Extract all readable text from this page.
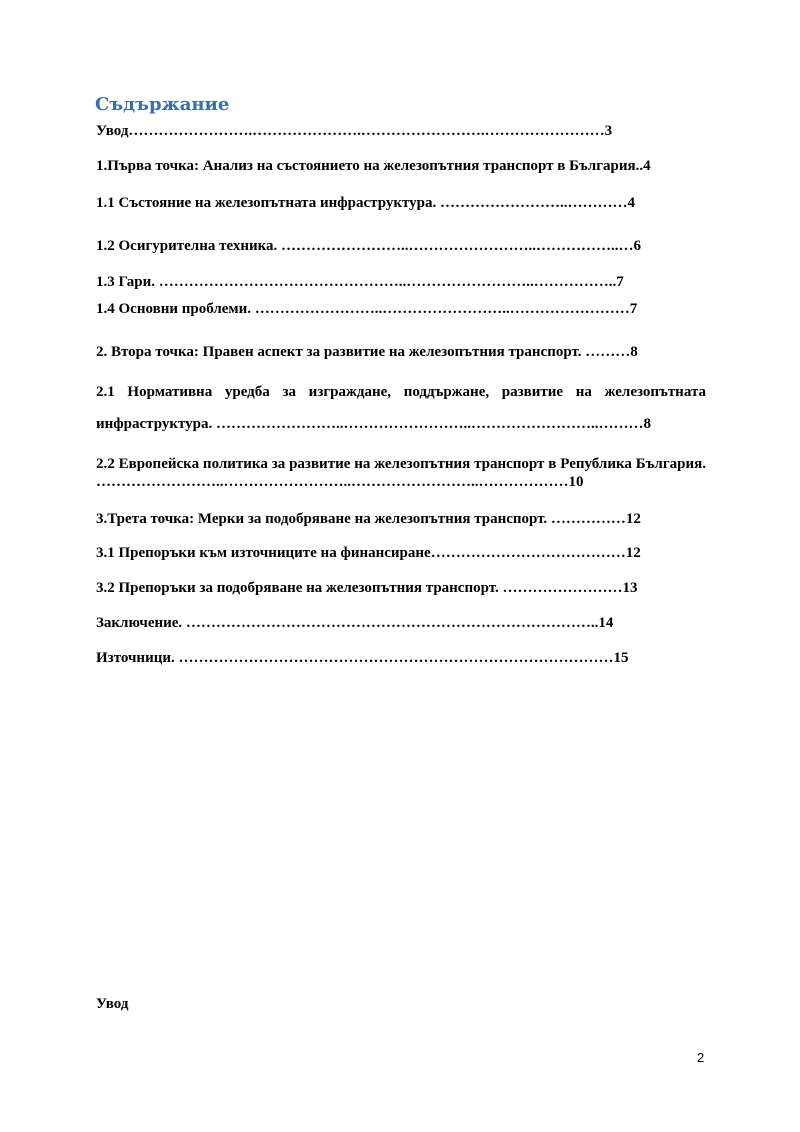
Съдържание

Увод…………………….………………….…………………….……………………3

1.Първа точка: Анализ на състоянието на железопътния транспорт в България..4

1.1 Състояние на железопътната инфраструктура. ……………………..…………4

1.2 Осигурителна техника. ……………………..……………………..……………..…6

1.3 Гари. …………………………………………..……………………..……………..7

1.4 Основни проблеми. ……………………..……………………..……………………7

2. Втора точка: Правен аспект за развитие на железопътния транспорт. ………8

2.1 Нормативна уредба за изграждане, поддържане, развитие на железопътната инфраструктура. ……………………..……………………..……………………..………8

2.2 Европейска политика за развитие на железопътния транспорт в Република България. ……………………..……………………..……………………..………………10

3.Трета точка: Мерки за подобряване на железопътния транспорт. ……………12

3.1 Препоръки към източниците на финансиране…………………………………12

3.2 Препоръки за подобряване на железопътния транспорт. ……………………13

Заключение. ………………………………………………………………………..14

Източници. ……………………………………………………………………………15

Увод

2
